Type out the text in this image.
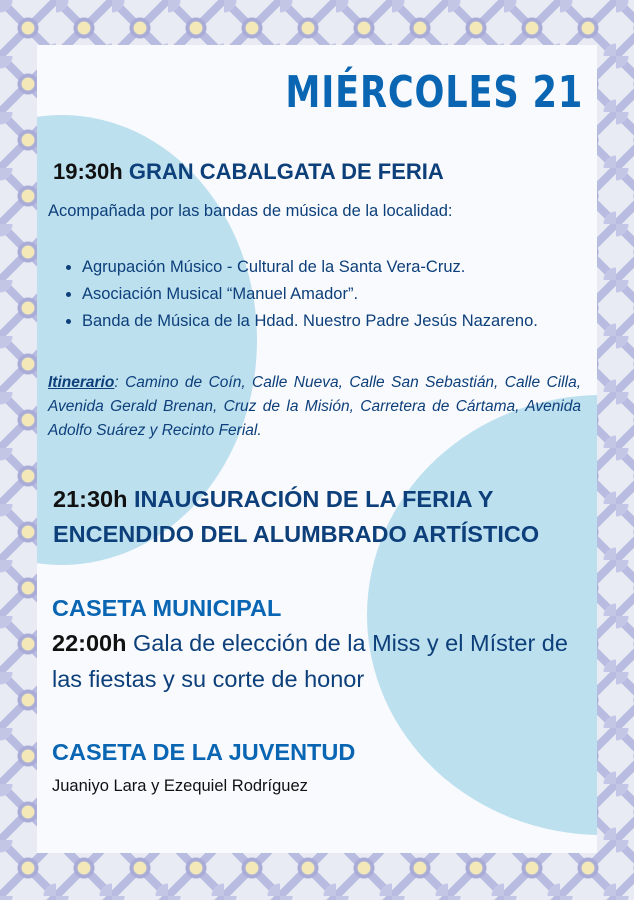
MIÉRCOLES 21
19:30h GRAN CABALGATA DE FERIA

Acompañada por las bandas de música de la localidad:

• Agrupación Músico - Cultural de la Santa Vera-Cruz.
• Asociación Musical “Manuel Amador”.
• Banda de Música de la Hdad. Nuestro Padre Jesús Nazareno.

Itinerario: Camino de Coín, Calle Nueva, Calle San Sebastián, Calle Cilla, Avenida Gerald Brenan, Cruz de la Misión, Carretera de Cártama, Avenida Adolfo Suárez y Recinto Ferial.

21:30h INAUGURACIÓN DE LA FERIA Y ENCENDIDO DEL ALUMBRADO ARTÍSTICO
CASETA MUNICIPAL

22:00h Gala de elección de la Miss y el Míster de las fiestas y su corte de honor

CASETA DE LA JUVENTUD

Juaniyo Lara y Ezequiel Rodríguez
